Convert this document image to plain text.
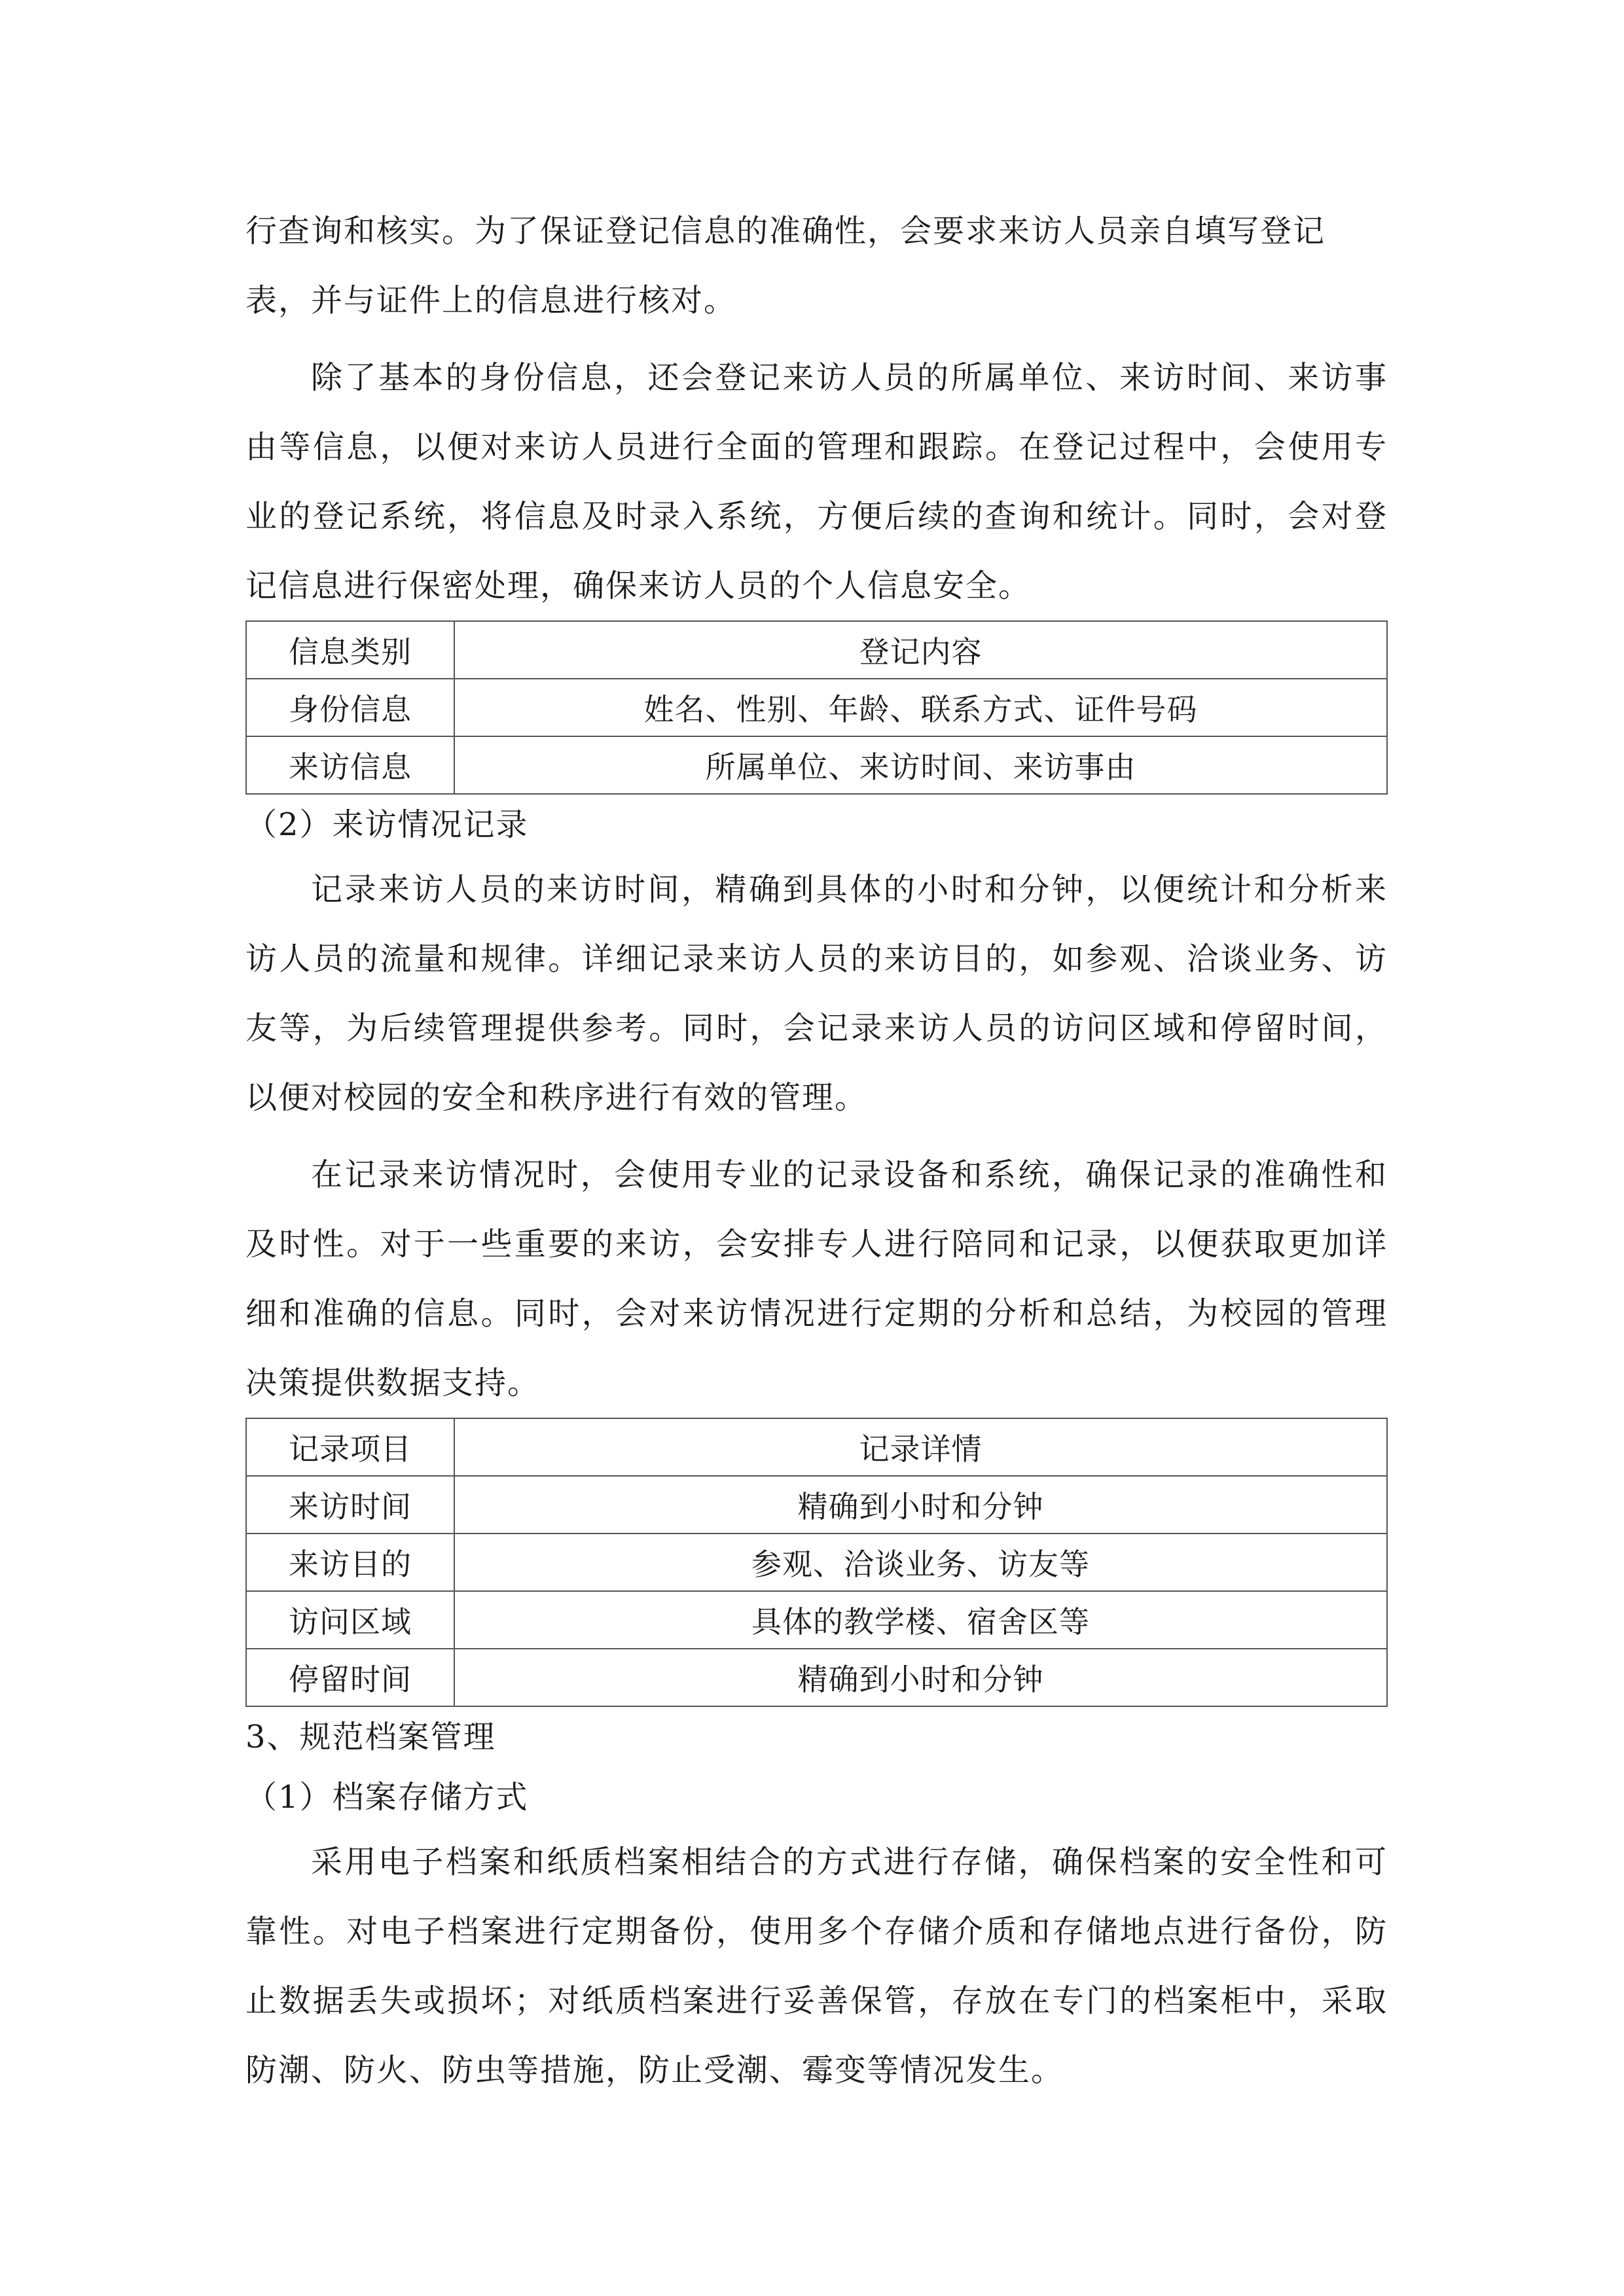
行查询和核实。为了保证登记信息的准确性，会要求来访人员亲自填写登记
表，并与证件上的信息进行核对。

除了基本的身份信息，还会登记来访人员的所属单位、来访时间、来访事由等信息，以便对来访人员进行全面的管理和跟踪。在登记过程中，会使用专业的登记系统，将信息及时录入系统，方便后续的查询和统计。同时，会对登记信息进行保密处理，确保来访人员的个人信息安全。

信息类别	登记内容
身份信息	姓名、性别、年龄、联系方式、证件号码
来访信息	所属单位、来访时间、来访事由

（2）来访情况记录

记录来访人员的来访时间，精确到具体的小时和分钟，以便统计和分析来访人员的流量和规律。详细记录来访人员的来访目的，如参观、洽谈业务、访友等，为后续管理提供参考。同时，会记录来访人员的访问区域和停留时间，以便对校园的安全和秩序进行有效的管理。

在记录来访情况时，会使用专业的记录设备和系统，确保记录的准确性和及时性。对于一些重要的来访，会安排专人进行陪同和记录，以便获取更加详细和准确的信息。同时，会对来访情况进行定期的分析和总结，为校园的管理决策提供数据支持。

记录项目	记录详情
来访时间	精确到小时和分钟
来访目的	参观、洽谈业务、访友等
访问区域	具体的教学楼、宿舍区等
停留时间	精确到小时和分钟

3、规范档案管理

（1）档案存储方式

采用电子档案和纸质档案相结合的方式进行存储，确保档案的安全性和可靠性。对电子档案进行定期备份，使用多个存储介质和存储地点进行备份，防止数据丢失或损坏；对纸质档案进行妥善保管，存放在专门的档案柜中，采取防潮、防火、防虫等措施，防止受潮、霉变等情况发生。
